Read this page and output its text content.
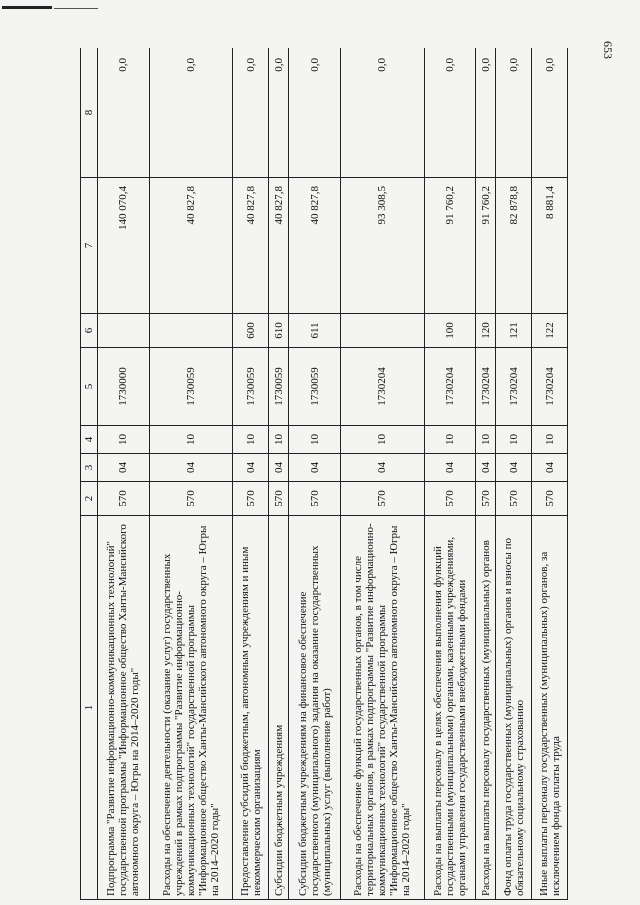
653
1	2	3	4	5	6	7	8
Подпрограмма "Развитие информационно-коммуникационных технологий" государственной программы "Информационное общество Ханты-Мансийского автономного округа – Югры на 2014–2020 годы"	570	04	10	1730000		140 070,4	0,0
Расходы на обеспечение деятельности (оказание услуг) государственных учреждений в рамках подпрограммы "Развитие информационно-коммуникационных технологий" государственной программы "Информационное общество Ханты-Мансийского автономного округа – Югры на 2014–2020 годы"	570	04	10	1730059		40 827,8	0,0
Предоставление субсидий бюджетным, автономным учреждениям и иным некоммерческим организациям	570	04	10	1730059	600	40 827,8	0,0
Субсидии бюджетным учреждениям	570	04	10	1730059	610	40 827,8	0,0
Субсидии бюджетным учреждениям на финансовое обеспечение государственного (муниципального) задания на оказание государственных (муниципальных) услуг (выполнение работ)	570	04	10	1730059	611	40 827,8	0,0
Расходы на обеспечение функций государственных органов, в том числе территориальных органов, в рамках подпрограммы "Развитие информационно-коммуникационных технологий" государственной программы "Информационное общество Ханты-Мансийского автономного округа – Югры на 2014–2020 годы"	570	04	10	1730204		93 308,5	0,0
Расходы на выплаты персоналу в целях обеспечения выполнения функций государственными (муниципальными) органами, казенными учреждениями, органами управления государственными внебюджетными фондами	570	04	10	1730204	100	91 760,2	0,0
Расходы на выплаты персоналу государственных (муниципальных) органов	570	04	10	1730204	120	91 760,2	0,0
Фонд оплаты труда государственных (муниципальных) органов и взносы по обязательному социальному страхованию	570	04	10	1730204	121	82 878,8	0,0
Иные выплаты персоналу государственных (муниципальных) органов, за исключением фонда оплаты труда	570	04	10	1730204	122	8 881,4	0,0
